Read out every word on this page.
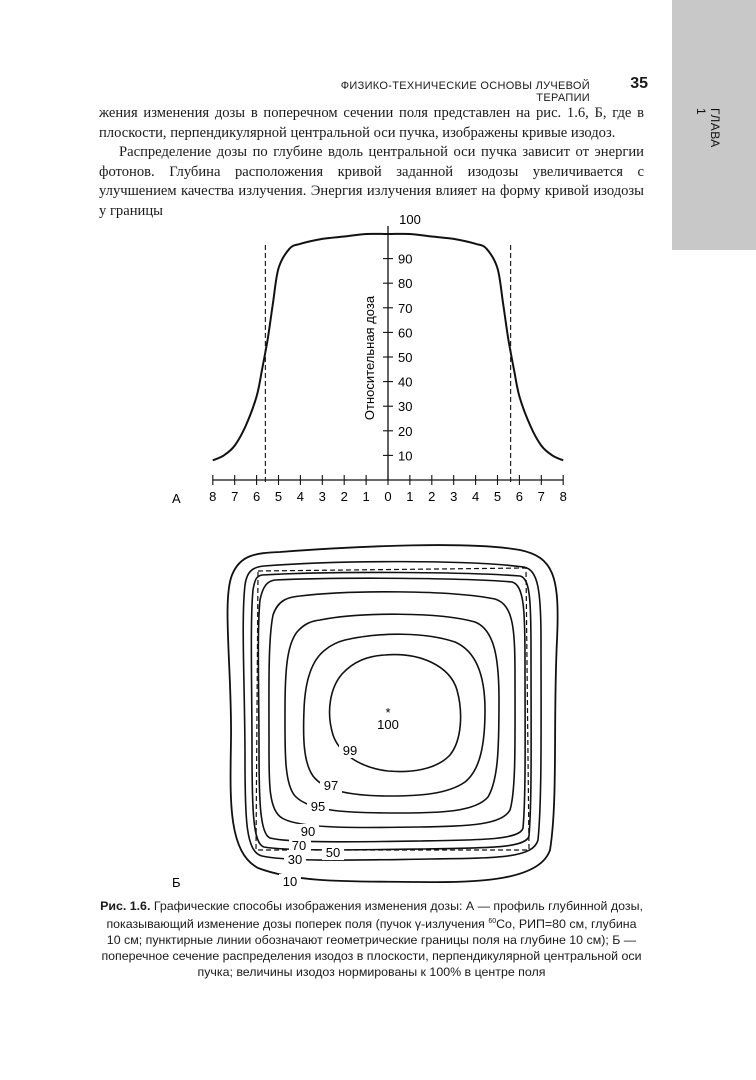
ГЛАВА 1
ФИЗИКО-ТЕХНИЧЕСКИЕ ОСНОВЫ ЛУЧЕВОЙ ТЕРАПИИ
35

жения изменения дозы в поперечном сечении поля представлен на рис. 1.6, Б, где в плоскости, перпендикулярной центральной оси пучка, изображены кривые изодоз.

Распределение дозы по глубине вдоль центральной оси пучка зависит от энергии фотонов. Глубина расположения кривой заданной изодозы увеличивается с улучшением качества излучения. Энергия излучения влияет на форму кривой изодозы у границы

8 7 6 5 4 3 2 1 0 1 2 3 4 5 6 7 8
100
90
80
70
60
50
40
30
20
10
*
100
99
97
95
90
70 50
30
10
Б
А
Относительная доза
Рис. 1.6. Графические способы изображения изменения дозы: А — профиль глубинной дозы, показывающий изменение дозы поперек поля (пучок γ-излучения $^{60}$Co, РИП=80 см, глубина 10 см; пунктирные линии обозначают геометрические границы поля на глубине 10 см); Б — поперечное сечение распределения изодоз в плоскости, перпендикулярной центральной оси пучка; величины изодоз нормированы к 100% в центре поля
